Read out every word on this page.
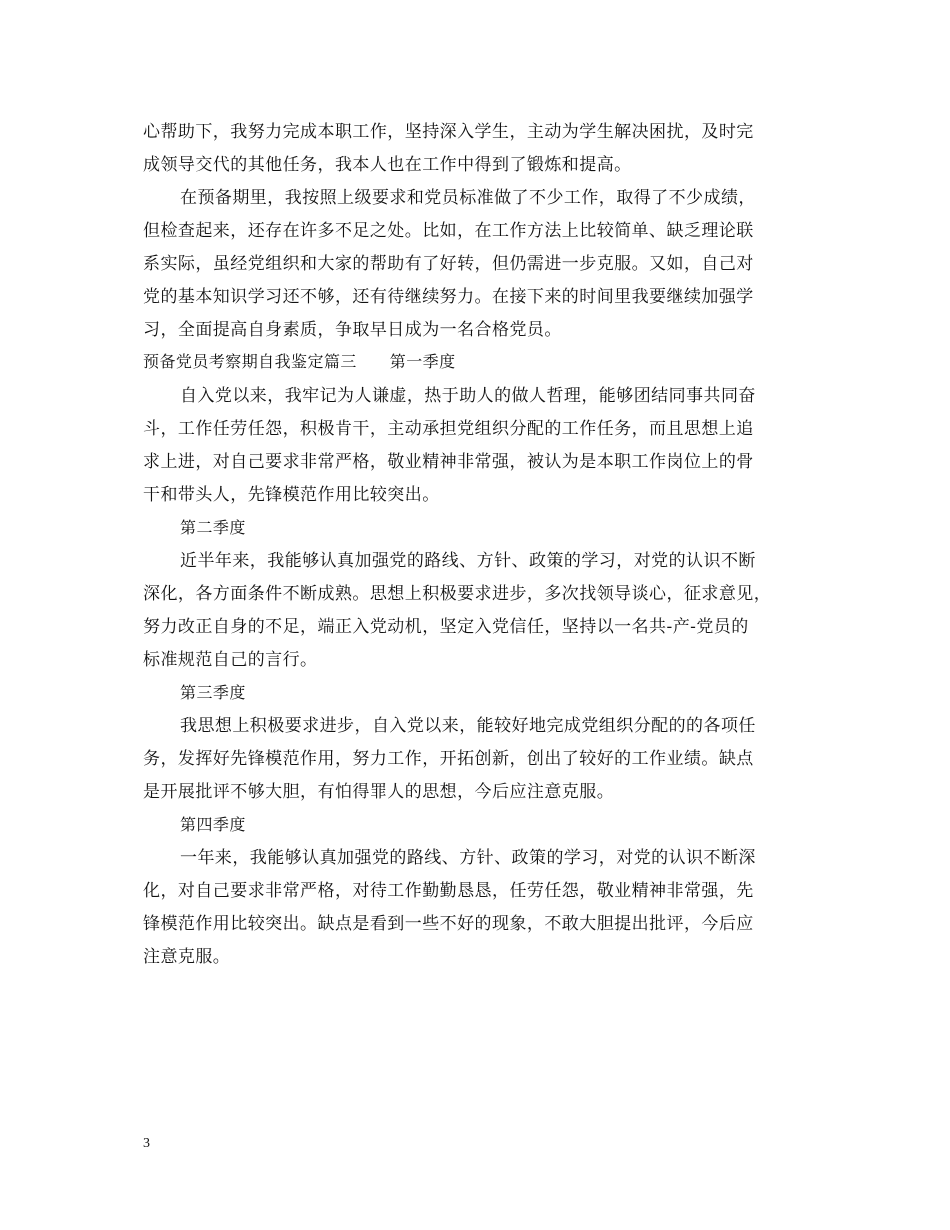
心帮助下，我努力完成本职工作，坚持深入学生，主动为学生解决困扰，及时完
成领导交代的其他任务，我本人也在工作中得到了锻炼和提高。
在预备期里，我按照上级要求和党员标准做了不少工作，取得了不少成绩，
但检查起来，还存在许多不足之处。比如，在工作方法上比较简单、缺乏理论联
系实际，虽经党组织和大家的帮助有了好转，但仍需进一步克服。又如，自己对
党的基本知识学习还不够，还有待继续努力。在接下来的时间里我要继续加强学
习，全面提高自身素质，争取早日成为一名合格党员。
预备党员考察期自我鉴定篇三　　第一季度
自入党以来，我牢记为人谦虚，热于助人的做人哲理，能够团结同事共同奋
斗，工作任劳任怨，积极肯干，主动承担党组织分配的工作任务，而且思想上追
求上进，对自己要求非常严格，敬业精神非常强，被认为是本职工作岗位上的骨
干和带头人，先锋模范作用比较突出。
第二季度
近半年来，我能够认真加强党的路线、方针、政策的学习，对党的认识不断
深化，各方面条件不断成熟。思想上积极要求进步，多次找领导谈心，征求意见，
努力改正自身的不足，端正入党动机，坚定入党信任，坚持以一名共-产-党员的
标准规范自己的言行。
第三季度
我思想上积极要求进步，自入党以来，能较好地完成党组织分配的的各项任
务，发挥好先锋模范作用，努力工作，开拓创新，创出了较好的工作业绩。缺点
是开展批评不够大胆，有怕得罪人的思想，今后应注意克服。
第四季度
一年来，我能够认真加强党的路线、方针、政策的学习，对党的认识不断深
化，对自己要求非常严格，对待工作勤勤恳恳，任劳任怨，敬业精神非常强，先
锋模范作用比较突出。缺点是看到一些不好的现象，不敢大胆提出批评，今后应
注意克服。
3
